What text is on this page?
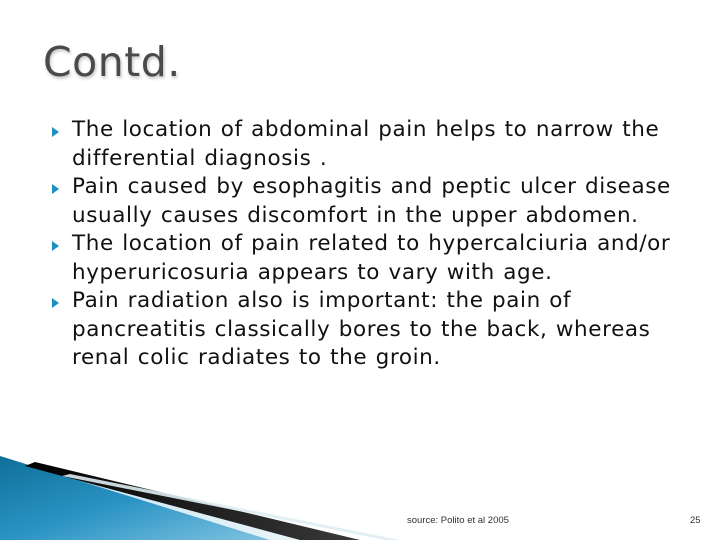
Contd.
The location of abdominal pain helps to narrow the differential diagnosis .
Pain caused by esophagitis and peptic ulcer disease usually causes discomfort in the upper abdomen.
The location of pain related to hypercalciuria and/or hyperuricosuria appears to vary with age.
Pain radiation also is important: the pain of pancreatitis classically bores to the back, whereas renal colic radiates to the groin.
source: Polito et al 2005	25
